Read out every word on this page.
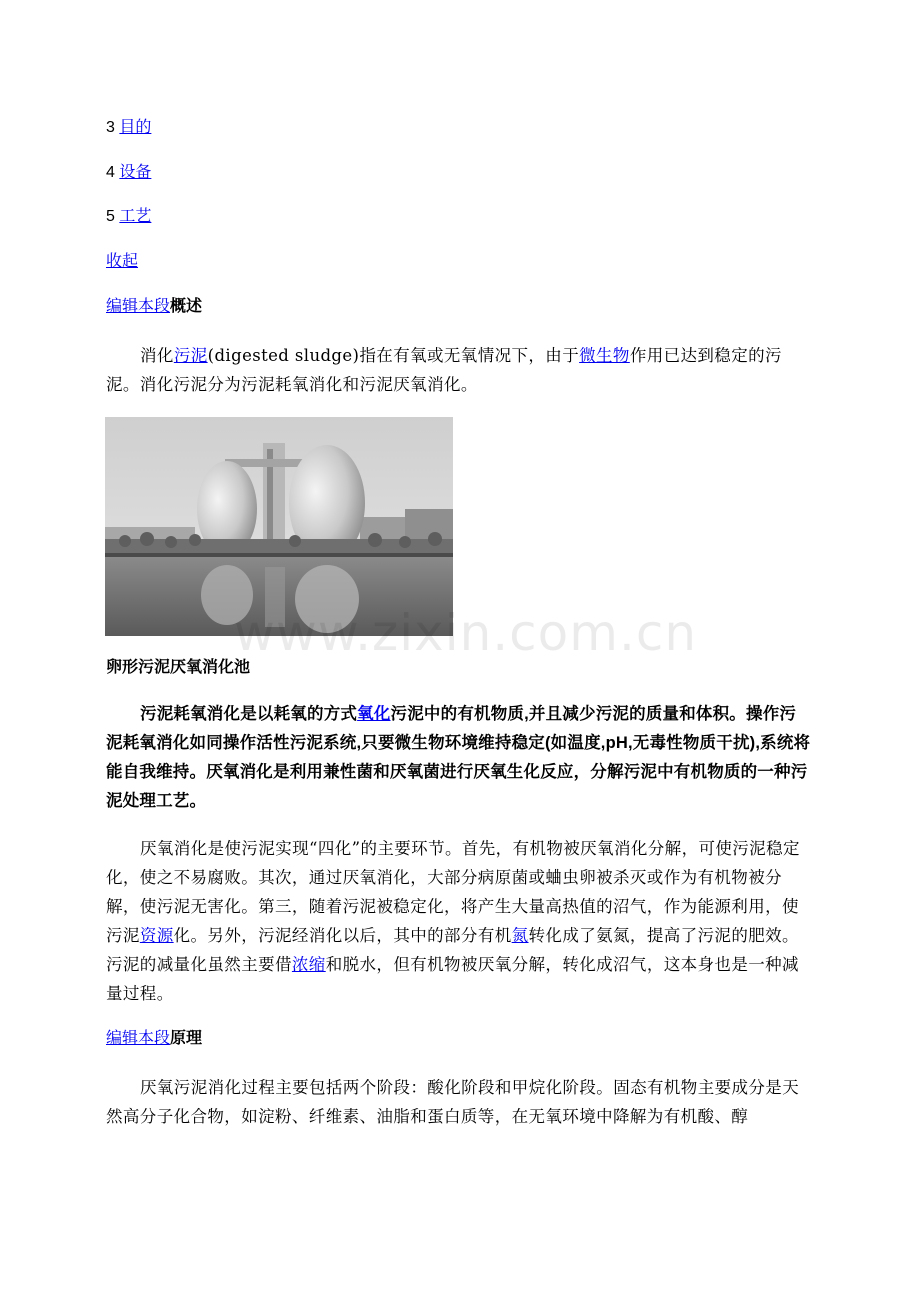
3 目的
4 设备
5 工艺
收起
编辑本段概述

消化污泥(digested sludge)指在有氧或无氧情况下，由于微生物作用已达到稳定的污泥。消化污泥分为污泥耗氧消化和污泥厌氧消化。

www.zixin.com.cn
卵形污泥厌氧消化池

污泥耗氧消化是以耗氧的方式氧化污泥中的有机物质,并且减少污泥的质量和体积。操作污泥耗氧消化如同操作活性污泥系统,只要微生物环境维持稳定(如温度,pH,无毒性物质干扰),系统将能自我维持。厌氧消化是利用兼性菌和厌氧菌进行厌氧生化反应，分解污泥中有机物质的一种污泥处理工艺。

厌氧消化是使污泥实现“四化”的主要环节。首先，有机物被厌氧消化分解，可使污泥稳定化，使之不易腐败。其次，通过厌氧消化，大部分病原菌或蛐虫卵被杀灭或作为有机物被分解，使污泥无害化。第三，随着污泥被稳定化，将产生大量高热值的沼气，作为能源利用，使污泥资源化。另外，污泥经消化以后，其中的部分有机氮转化成了氨氮，提高了污泥的肥效。污泥的减量化虽然主要借浓缩和脱水，但有机物被厌氧分解，转化成沼气，这本身也是一种减量过程。

编辑本段原理

厌氧污泥消化过程主要包括两个阶段：酸化阶段和甲烷化阶段。固态有机物主要成分是天然高分子化合物，如淀粉、纤维素、油脂和蛋白质等，在无氧环境中降解为有机酸、醇
